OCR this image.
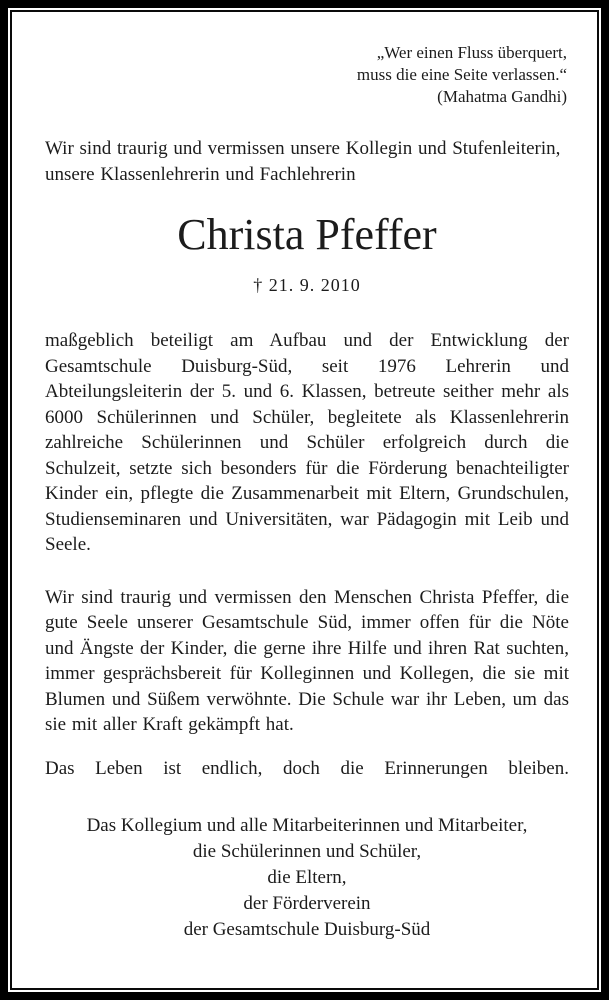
„Wer einen Fluss überquert,
muss die eine Seite verlassen.“
(Mahatma Gandhi)
Wir sind traurig und vermissen unsere Kollegin und Stufenleiterin, unsere Klassenlehrerin und Fachlehrerin
Christa Pfeffer
† 21. 9. 2010
maßgeblich beteiligt am Aufbau und der Entwicklung der Gesamtschule Duisburg-Süd, seit 1976 Lehrerin und Abteilungsleiterin der 5. und 6. Klassen, betreute seither mehr als 6000 Schülerinnen und Schüler, begleitete als Klassenlehrerin zahlreiche Schülerinnen und Schüler erfolgreich durch die Schulzeit, setzte sich besonders für die Förderung benachteiligter Kinder ein, pflegte die Zusammenarbeit mit Eltern, Grundschulen, Studienseminaren und Universitäten, war Pädagogin mit Leib und Seele.
Wir sind traurig und vermissen den Menschen Christa Pfeffer, die gute Seele unserer Gesamtschule Süd, immer offen für die Nöte und Ängste der Kinder, die gerne ihre Hilfe und ihren Rat suchten, immer gesprächsbereit für Kolleginnen und Kollegen, die sie mit Blumen und Süßem verwöhnte. Die Schule war ihr Leben, um das sie mit aller Kraft gekämpft hat.
Das Leben ist endlich, doch die Erinnerungen bleiben.
Das Kollegium und alle Mitarbeiterinnen und Mitarbeiter,
die Schülerinnen und Schüler,
die Eltern,
der Förderverein
der Gesamtschule Duisburg-Süd
